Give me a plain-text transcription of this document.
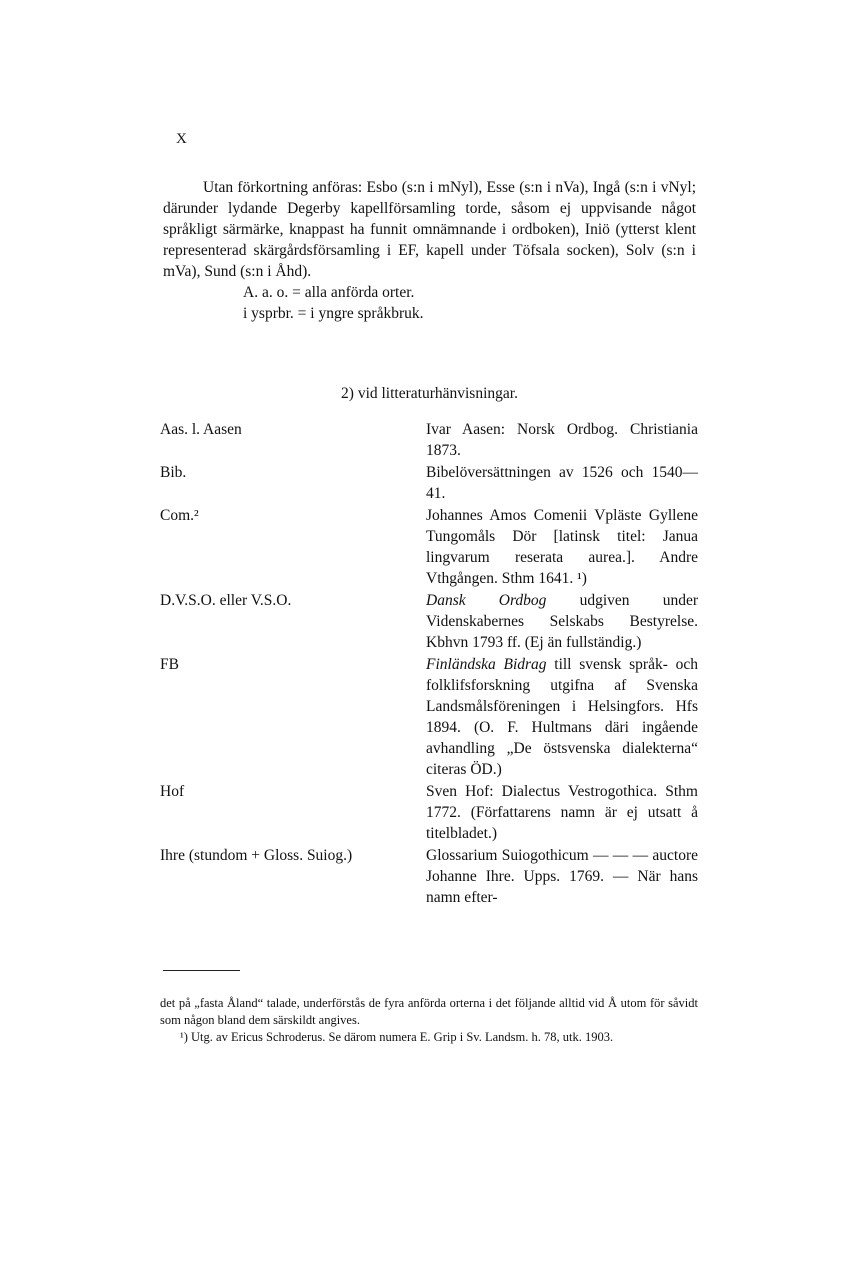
X

Utan förkortning anföras: Esbo (s:n i mNyl), Esse (s:n i nVa), Ingå (s:n i vNyl; därunder lydande Degerby kapellförsamling torde, såsom ej uppvisande något språkligt särmärke, knappast ha funnit omnämnande i ordboken), Iniö (ytterst klent representerad skärgårdsförsamling i EF, kapell under Töfsala socken), Solv (s:n i mVa), Sund (s:n i Åhd).

A. a. o. = alla anförda orter.

i ysprbr. = i yngre språkbruk.

2) vid litteraturhänvisningar.
Aas. l. Aasen	Ivar Aasen: Norsk Ordbog. Christiania 1873.
Bib.	Bibelöversättningen av 1526 och 1540—41.
Com.²	Johannes Amos Comenii Vpläste Gyllene Tungomåls Dör [latinsk titel: Janua lingvarum reserata aurea.]. Andre Vthgången. Sthm 1641. ¹)
D.V.S.O. eller V.S.O.	Dansk Ordbog udgiven under Videnskabernes Selskabs Bestyrelse. Kbhvn 1793 ff. (Ej än fullständig.)
FB	Finländska Bidrag till svensk språk- och folklifsforskning utgifna af Svenska Landsmålsföreningen i Helsingfors. Hfs 1894. (O. F. Hultmans däri ingående avhandling „De östsvenska dialekterna“ citeras ÖD.)
Hof	Sven Hof: Dialectus Vestrogothica. Sthm 1772. (Författarens namn är ej utsatt å titelbladet.)
Ihre (stundom + Gloss. Suiog.)	Glossarium Suiogothicum — — — auctore Johanne Ihre. Upps. 1769. — När hans namn efter-

det på „fasta Åland“ talade, underförstås de fyra anförda orterna i det följande alltid vid Å utom för såvidt som någon bland dem särskildt angives.

¹) Utg. av Ericus Schroderus. Se därom numera E. Grip i Sv. Landsm. h. 78, utk. 1903.
